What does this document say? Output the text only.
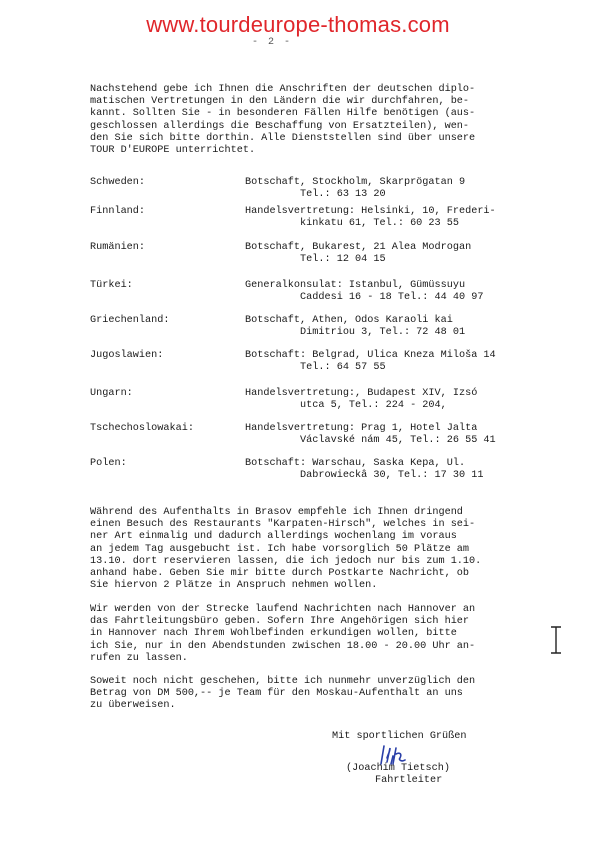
www.tourdeurope-thomas.com
- 2 -
Nachstehend gebe ich Ihnen die Anschriften der deutschen diplo-
matischen Vertretungen in den Ländern die wir durchfahren, be-
kannt. Sollten Sie - in besonderen Fällen Hilfe benötigen (aus-
geschlossen allerdings die Beschaffung von Ersatzteilen), wen-
den Sie sich bitte dorthin. Alle Dienststellen sind über unsere
TOUR D'EUROPE unterrichtet.
Schweden:	Botschaft, Stockholm, Skarprögatan 9
Tel.: 63 13 20
Finnland:	Handelsvertretung: Helsinki, 10, Frederi-
kinkatu 61, Tel.: 60 23 55
Rumänien:	Botschaft, Bukarest, 21 Alea Modrogan
Tel.: 12 04 15
Türkei:	Generalkonsulat: Istanbul, Gümüssuyu
Caddesi 16 - 18 Tel.: 44 40 97
Griechenland:	Botschaft, Athen, Odos Karaoli kai
Dimitriou 3, Tel.: 72 48 01
Jugoslawien:	Botschaft: Belgrad, Ulica Kneza Miloša 14
Tel.: 64 57 55
Ungarn:	Handelsvertretung:, Budapest XIV, Izsó
utca 5, Tel.: 224 - 204,
Tschechoslowakai:	Handelsvertretung: Prag 1, Hotel Jalta
Václavské nám 45, Tel.: 26 55 41
Polen:	Botschaft: Warschau, Saska Kepa, Ul.
Dabrowieckâ 30, Tel.: 17 30 11
Während des Aufenthalts in Brasov empfehle ich Ihnen dringend
einen Besuch des Restaurants "Karpaten-Hirsch", welches in sei-
ner Art einmalig und dadurch allerdings wochenlang im voraus
an jedem Tag ausgebucht ist. Ich habe vorsorglich 50 Plätze am
13.10. dort reservieren lassen, die ich jedoch nur bis zum 1.10.
anhand habe. Geben Sie mir bitte durch Postkarte Nachricht, ob
Sie hiervon 2 Plätze in Anspruch nehmen wollen.
Wir werden von der Strecke laufend Nachrichten nach Hannover an
das Fahrtleitungsbüro geben. Sofern Ihre Angehörigen sich hier
in Hannover nach Ihrem Wohlbefinden erkundigen wollen, bitte
ich Sie, nur in den Abendstunden zwischen 18.00 - 20.00 Uhr an-
rufen zu lassen.
Soweit noch nicht geschehen, bitte ich nunmehr unverzüglich den
Betrag von DM 500,-- je Team für den Moskau-Aufenthalt an uns
zu überweisen.
Mit sportlichen Grüßen
(Joachim Tietsch)
Fahrtleiter
